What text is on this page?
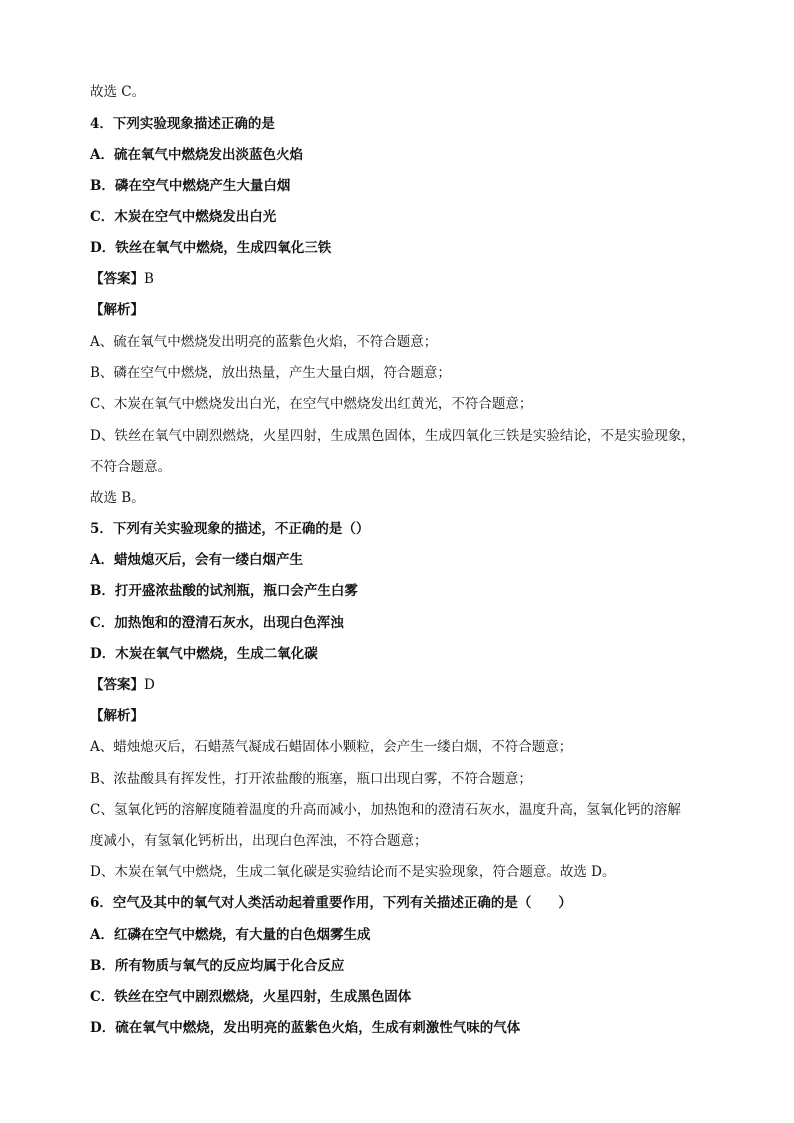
故选 C。
4．下列实验现象描述正确的是
A．硫在氧气中燃烧发出淡蓝色火焰
B．磷在空气中燃烧产生大量白烟
C．木炭在空气中燃烧发出白光
D．铁丝在氧气中燃烧，生成四氧化三铁
【答案】B
【解析】
A、硫在氧气中燃烧发出明亮的蓝紫色火焰，不符合题意；
B、磷在空气中燃烧，放出热量，产生大量白烟，符合题意；
C、木炭在氧气中燃烧发出白光，在空气中燃烧发出红黄光，不符合题意；
D、铁丝在氧气中剧烈燃烧，火星四射，生成黑色固体，生成四氧化三铁是实验结论，不是实验现象，
不符合题意。
故选 B。
5．下列有关实验现象的描述，不正确的是（）
A．蜡烛熄灭后，会有一缕白烟产生
B．打开盛浓盐酸的试剂瓶，瓶口会产生白雾
C．加热饱和的澄清石灰水，出现白色浑浊
D．木炭在氧气中燃烧，生成二氧化碳
【答案】D
【解析】
A、蜡烛熄灭后，石蜡蒸气凝成石蜡固体小颗粒，会产生一缕白烟，不符合题意；
B、浓盐酸具有挥发性，打开浓盐酸的瓶塞，瓶口出现白雾，不符合题意；
C、氢氧化钙的溶解度随着温度的升高而减小，加热饱和的澄清石灰水，温度升高，氢氧化钙的溶解
度减小，有氢氧化钙析出，出现白色浑浊，不符合题意；
D、木炭在氧气中燃烧，生成二氧化碳是实验结论而不是实验现象，符合题意。故选 D。
6．空气及其中的氧气对人类活动起着重要作用，下列有关描述正确的是（　　）
A．红磷在空气中燃烧，有大量的白色烟雾生成
B．所有物质与氧气的反应均属于化合反应
C．铁丝在空气中剧烈燃烧，火星四射，生成黑色固体
D．硫在氧气中燃烧，发出明亮的蓝紫色火焰，生成有刺激性气味的气体
